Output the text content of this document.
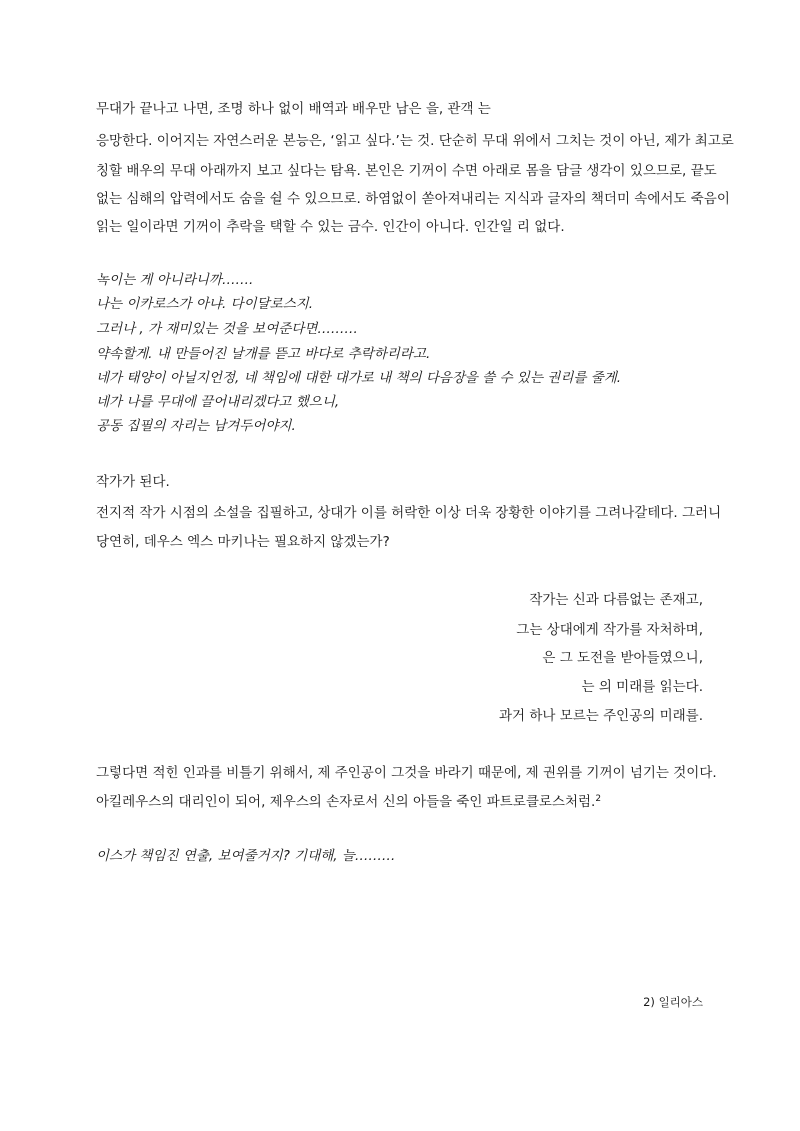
무대가 끝나고 나면, 조명 하나 없이 배역과 배우만 남은 을, 관객 는
응망한다. 이어지는 자연스러운 본능은, ‘읽고 싶다.’는 것. 단순히 무대 위에서 그치는 것이 아닌, 제가 최고로
칭할 배우의 무대 아래까지 보고 싶다는 탐욕. 본인은 기꺼이 수면 아래로 몸을 담글 생각이 있으므로, 끝도
없는 심해의 압력에서도 숨을 쉴 수 있으므로. 하염없이 쏟아져내리는 지식과 글자의 책더미 속에서도 죽음이
읽는 일이라면 기꺼이 추락을 택할 수 있는 금수. 인간이 아니다. 인간일 리 없다.
녹이는 게 아니라니까…….
나는 이카로스가 아냐. 다이달로스지.
그러나 , 가 재미있는 것을 보여준다면………
약속할게. 내 만들어진 날개를 뜯고 바다로 추락하리라고.
네가 태양이 아닐지언정, 네 책임에 대한 대가로 내 책의 다음장을 쓸 수 있는 권리를 줄게.
네가 나를 무대에 끌어내리겠다고 했으니,
공동 집필의 자리는 남겨두어야지.
작가가 된다.
전지적 작가 시점의 소설을 집필하고, 상대가 이를 허락한 이상 더욱 장황한 이야기를 그려나갈테다. 그러니
당연히, 데우스 엑스 마키나는 필요하지 않겠는가?
작가는 신과 다름없는 존재고,
그는 상대에게 작가를 자처하며,
은 그 도전을 받아들였으니,
는 의 미래를 읽는다.
과거 하나 모르는 주인공의 미래를.
그렇다면 적힌 인과를 비틀기 위해서, 제 주인공이 그것을 바라기 때문에, 제 권위를 기꺼이 넘기는 것이다.
아킬레우스의 대리인이 되어, 제우스의 손자로서 신의 아들을 죽인 파트로클로스처럼.$^2$
이스가 책임진 연출, 보여줄거지? 기대해, 늘………
2) 일리아스
